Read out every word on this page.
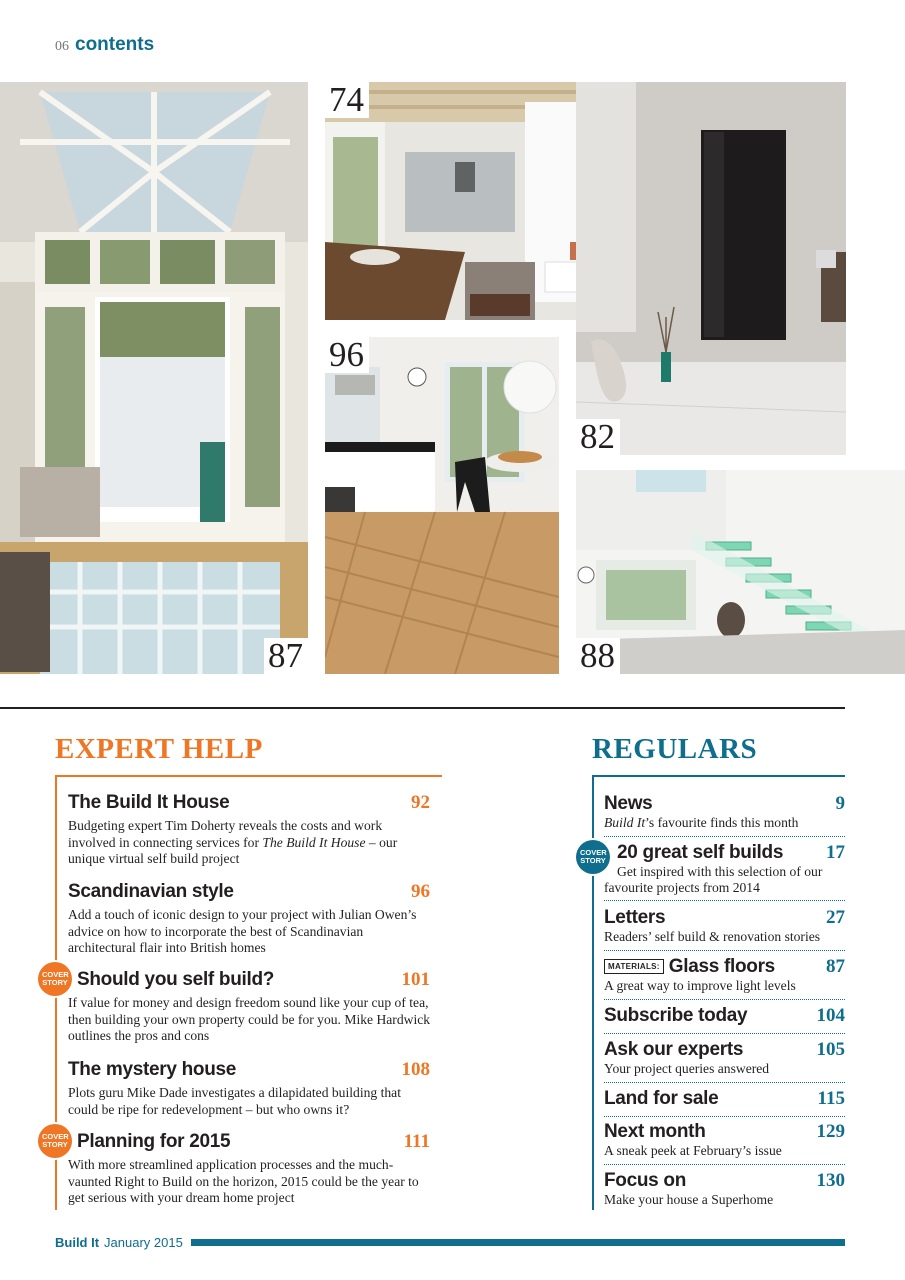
06 contents
87
74
82
96
88
EXPERT HELP
The Build It House	92
Budgeting expert Tim Doherty reveals the costs and work involved in connecting services for The Build It House – our unique virtual self build project
Scandinavian style	96
Add a touch of iconic design to your project with Julian Owen’s advice on how to incorporate the best of Scandinavian architectural flair into British homes
COVER STORY Should you self build?	101
If value for money and design freedom sound like your cup of tea, then building your own property could be for you. Mike Hardwick outlines the pros and cons
The mystery house	108
Plots guru Mike Dade investigates a dilapidated building that could be ripe for redevelopment – but who owns it?
COVER STORY Planning for 2015	111
With more streamlined application processes and the much-vaunted Right to Build on the horizon, 2015 could be the year to get serious with your dream home project
REGULARS
News	9
Build It’s favourite finds this month
COVER STORY 20 great self builds 17
Get inspired with this selection of our favourite projects from 2014
Letters	27
Readers’ self build & renovation stories
MATERIALS: Glass floors	87
A great way to improve light levels
Subscribe today	104
Ask our experts	105
Your project queries answered
Land for sale	115
Next month	129
A sneak peek at February’s issue
Focus on	130
Make your house a Superhome
Build It January 2015
